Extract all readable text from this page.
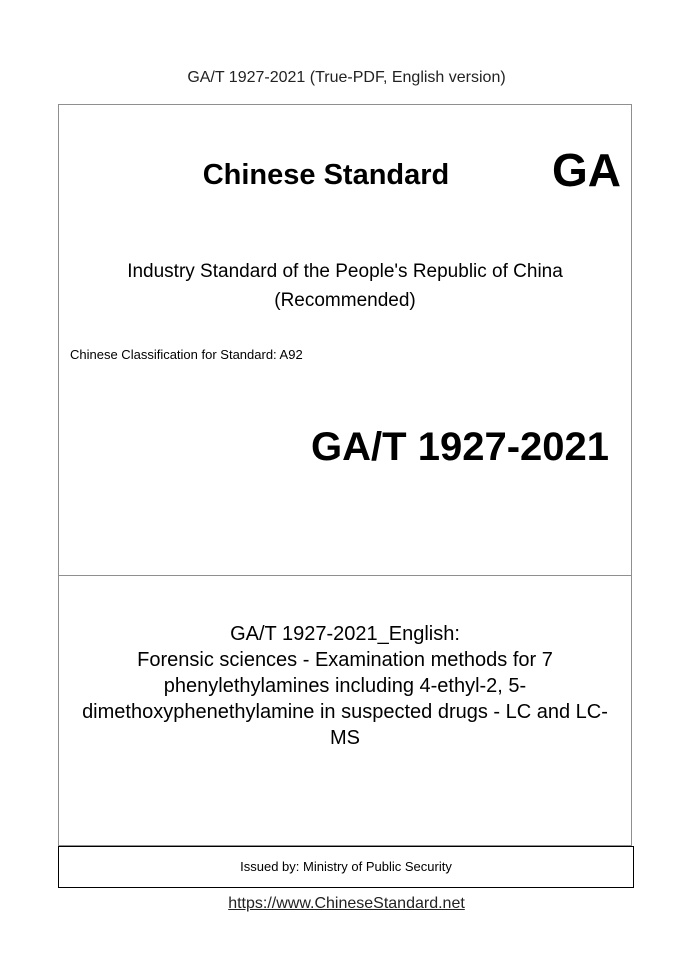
GA/T 1927-2021 (True-PDF, English version)
Chinese Standard	GA
Industry Standard of the People's Republic of China
(Recommended)
Chinese Classification for Standard: A92
GA/T 1927-2021
GA/T 1927-2021_English:
Forensic sciences - Examination methods for 7
phenylethylamines including 4-ethyl-2, 5-
dimethoxyphenethylamine in suspected drugs - LC and LC-
MS
Issued by: Ministry of Public Security
https://www.ChineseStandard.net
